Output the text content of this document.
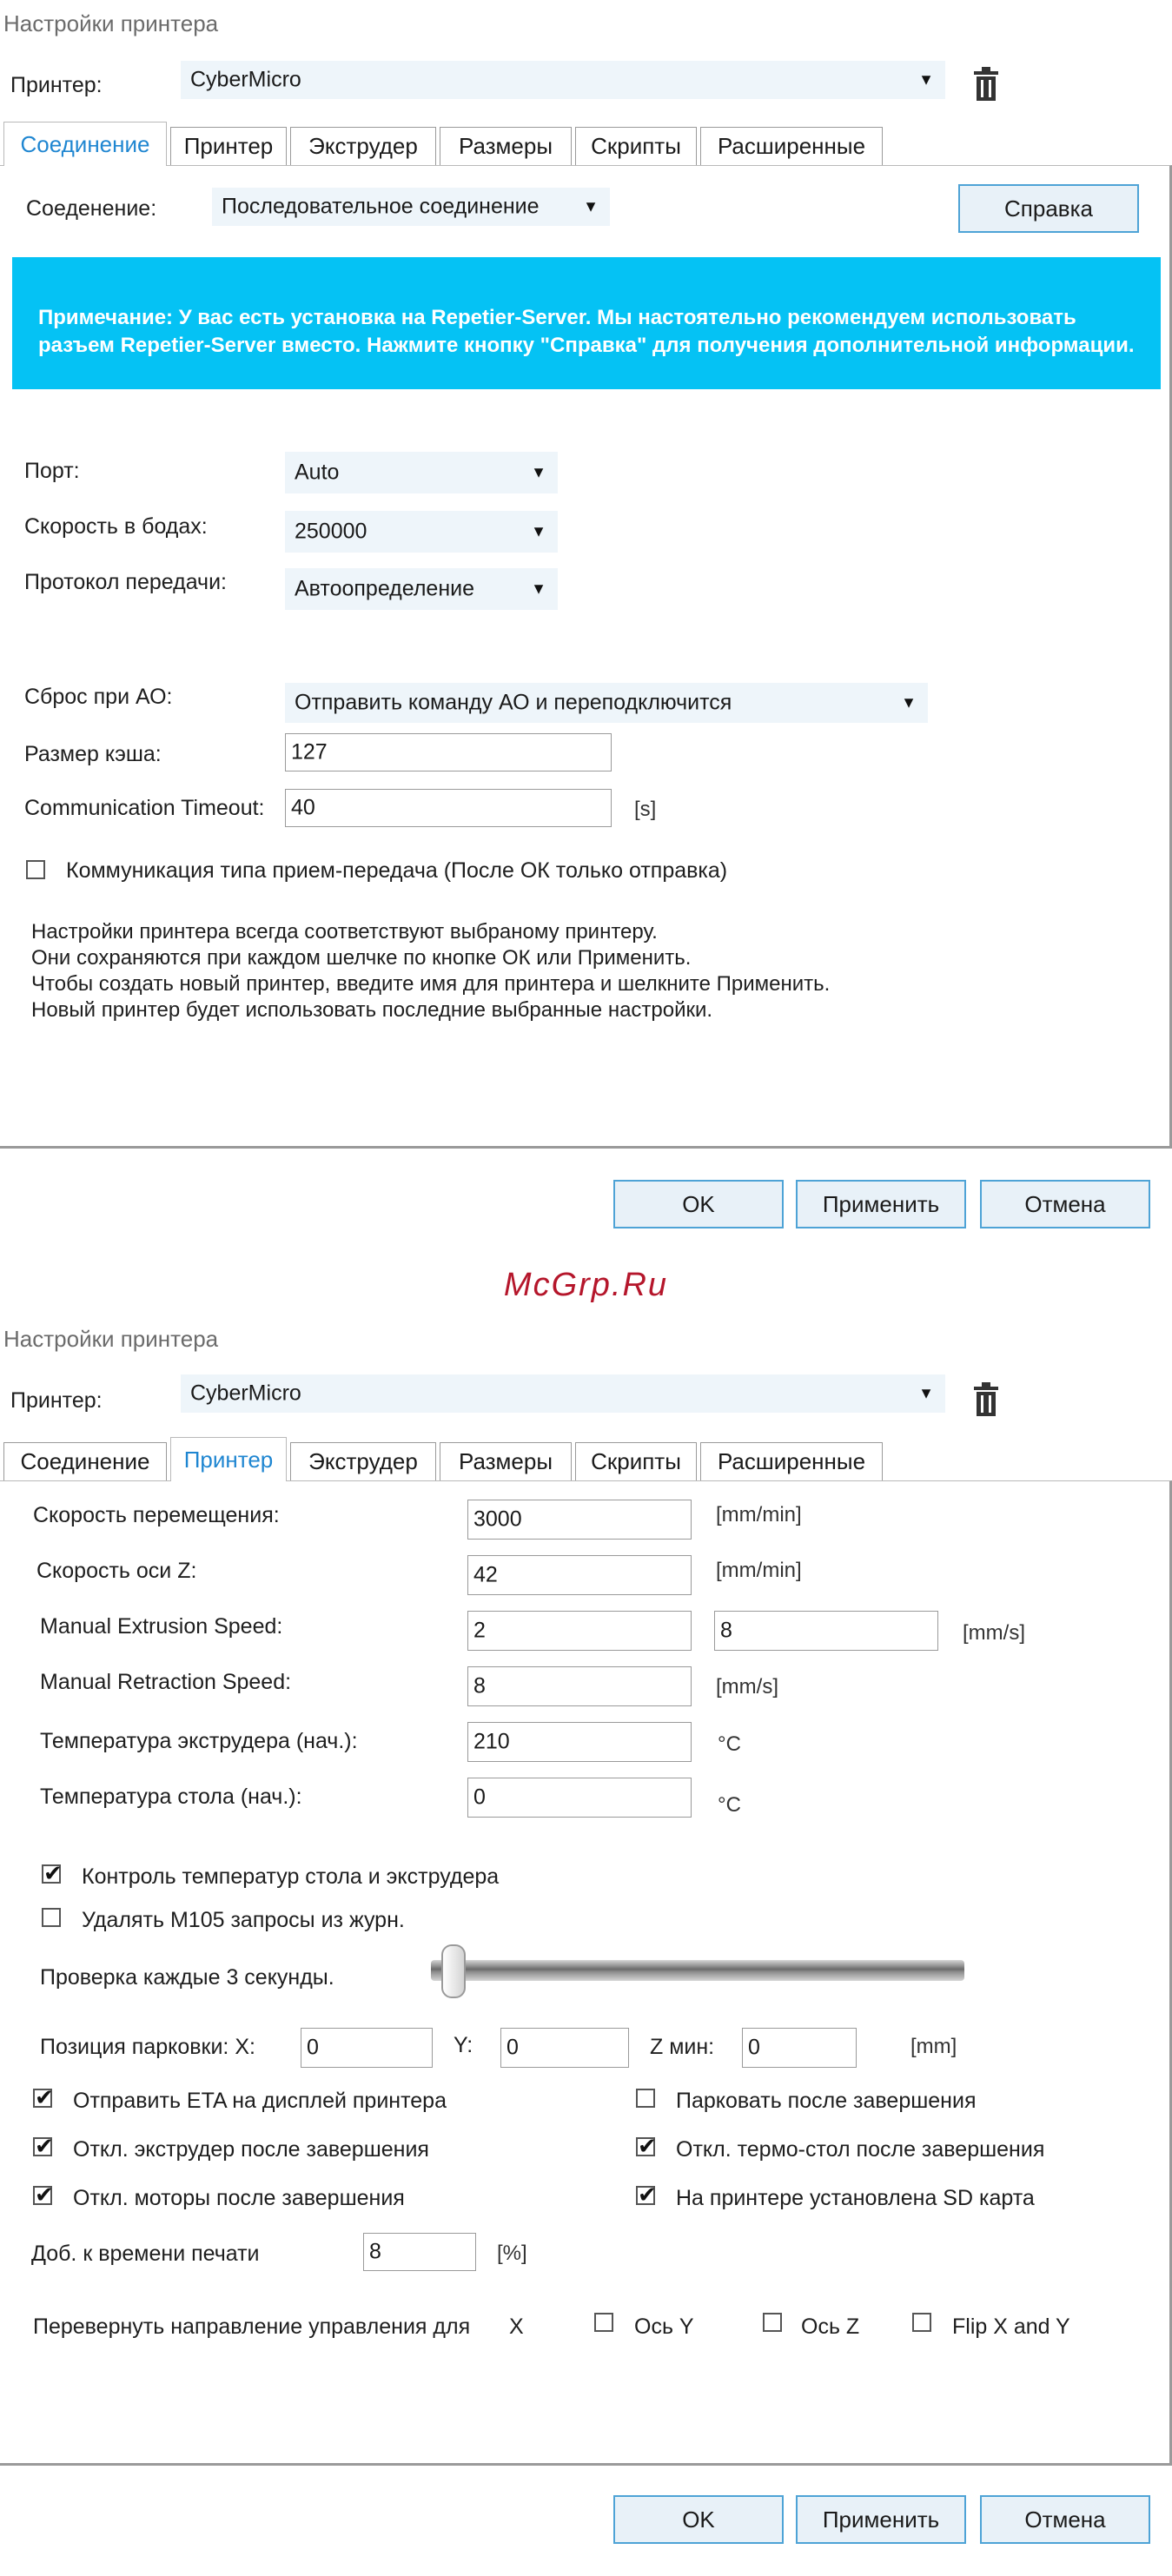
Настройки принтера
Принтер:	CyberMicro	▼
Соединение	Принтер	Экструдер	Размеры	Скрипты	Расширенные
Соеденение:	Последовательное соединение	▼	Справка
Примечание: У вас есть установка на Repetier-Server. Мы настоятельно рекомендуем использовать разъем Repetier-Server вместо. Нажмите кнопку "Справка" для получения дополнительной информации.
Порт:	Auto	▼
Скорость в бодах:	250000	▼
Протокол передачи:	Автоопределение	▼
Сброс при АО:	Отправить команду АО и переподключится	▼
Размер кэша:	127
Communication Timeout: 40	[s]
Коммуникация типа прием-передача (После ОК только отправка)
Настройки принтера всегда соответствуют выбраному принтеру.
Они сохраняются при каждом шелчке по кнопке ОК или Применить.
Чтобы создать новый принтер, введите имя для принтера и шелкните Применить.
Новый принтер будет использовать последние выбранные настройки.
OK	Применить	Отмена
McGrp.Ru
Настройки принтера
Принтер:	CyberMicro	▼
Соединение	Принтер	Экструдер	Размеры	Скрипты	Расширенные
Скорость перемещения:	3000	[mm/min]
Скорость оси Z:	42	[mm/min]
Manual Extrusion Speed:	2	8	[mm/s]
Manual Retraction Speed:	8	[mm/s]
Температура экструдера (нач.):	210	°C
Температура стола (нач.):	0	°C
✔
Контроль температур стола и экструдера
Удалять M105 запросы из журн.
Проверка каждые 3 секунды.
Позиция парковки: X: 0	Y: 0	Z мин: 0	[mm]
✔
Отправить ETA на дисплей принтера	Парковать после завершения
✔
Откл. экструдер после завершения ✔	Откл. термо-стол после завершения
✔
Откл. моторы после завершения ✔	На принтере установлена SD карта
Доб. к времени печати	8	[%]
Перевернуть направление управления для X	Ось Y	Ось Z	Flip X and Y
OK	Применить	Отмена
